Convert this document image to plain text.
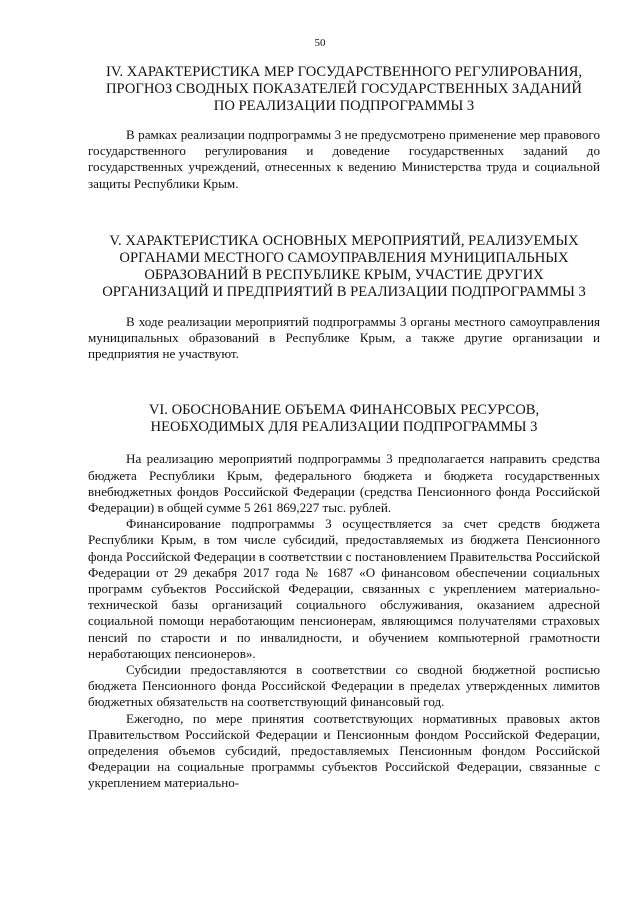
50
IV. ХАРАКТЕРИСТИКА МЕР ГОСУДАРСТВЕННОГО РЕГУЛИРОВАНИЯ,
ПРОГНОЗ СВОДНЫХ ПОКАЗАТЕЛЕЙ ГОСУДАРСТВЕННЫХ ЗАДАНИЙ
ПО РЕАЛИЗАЦИИ ПОДПРОГРАММЫ 3

В рамках реализации подпрограммы 3 не предусмотрено применение мер правового государственного регулирования и доведение государственных заданий до государственных учреждений, отнесенных к ведению Министерства труда и социальной защиты Республики Крым.

V. ХАРАКТЕРИСТИКА ОСНОВНЫХ МЕРОПРИЯТИЙ, РЕАЛИЗУЕМЫХ
ОРГАНАМИ МЕСТНОГО САМОУПРАВЛЕНИЯ МУНИЦИПАЛЬНЫХ
ОБРАЗОВАНИЙ В РЕСПУБЛИКЕ КРЫМ, УЧАСТИЕ ДРУГИХ
ОРГАНИЗАЦИЙ И ПРЕДПРИЯТИЙ В РЕАЛИЗАЦИИ ПОДПРОГРАММЫ 3

В ходе реализации мероприятий подпрограммы 3 органы местного самоуправления муниципальных образований в Республике Крым, а также другие организации и предприятия не участвуют.

VI. ОБОСНОВАНИЕ ОБЪЕМА ФИНАНСОВЫХ РЕСУРСОВ,
НЕОБХОДИМЫХ ДЛЯ РЕАЛИЗАЦИИ ПОДПРОГРАММЫ 3

На реализацию мероприятий подпрограммы 3 предполагается направить средства бюджета Республики Крым, федерального бюджета и бюджета государственных внебюджетных фондов Российской Федерации (средства Пенсионного фонда Российской Федерации) в общей сумме 5 261 869,227 тыс. рублей.

Финансирование подпрограммы 3 осуществляется за счет средств бюджета Республики Крым, в том числе субсидий, предоставляемых из бюджета Пенсионного фонда Российской Федерации в соответствии с постановлением Правительства Российской Федерации от 29 декабря 2017 года № 1687 «О финансовом обеспечении социальных программ субъектов Российской Федерации, связанных с укреплением материально-технической базы организаций социального обслуживания, оказанием адресной социальной помощи неработающим пенсионерам, являющимся получателями страховых пенсий по старости и по инвалидности, и обучением компьютерной грамотности неработающих пенсионеров».

Субсидии предоставляются в соответствии со сводной бюджетной росписью бюджета Пенсионного фонда Российской Федерации в пределах утвержденных лимитов бюджетных обязательств на соответствующий финансовый год.

Ежегодно, по мере принятия соответствующих нормативных правовых актов Правительством Российской Федерации и Пенсионным фондом Российской Федерации, определения объемов субсидий, предоставляемых Пенсионным фондом Российской Федерации на социальные программы субъектов Российской Федерации, связанные с укреплением материально-
